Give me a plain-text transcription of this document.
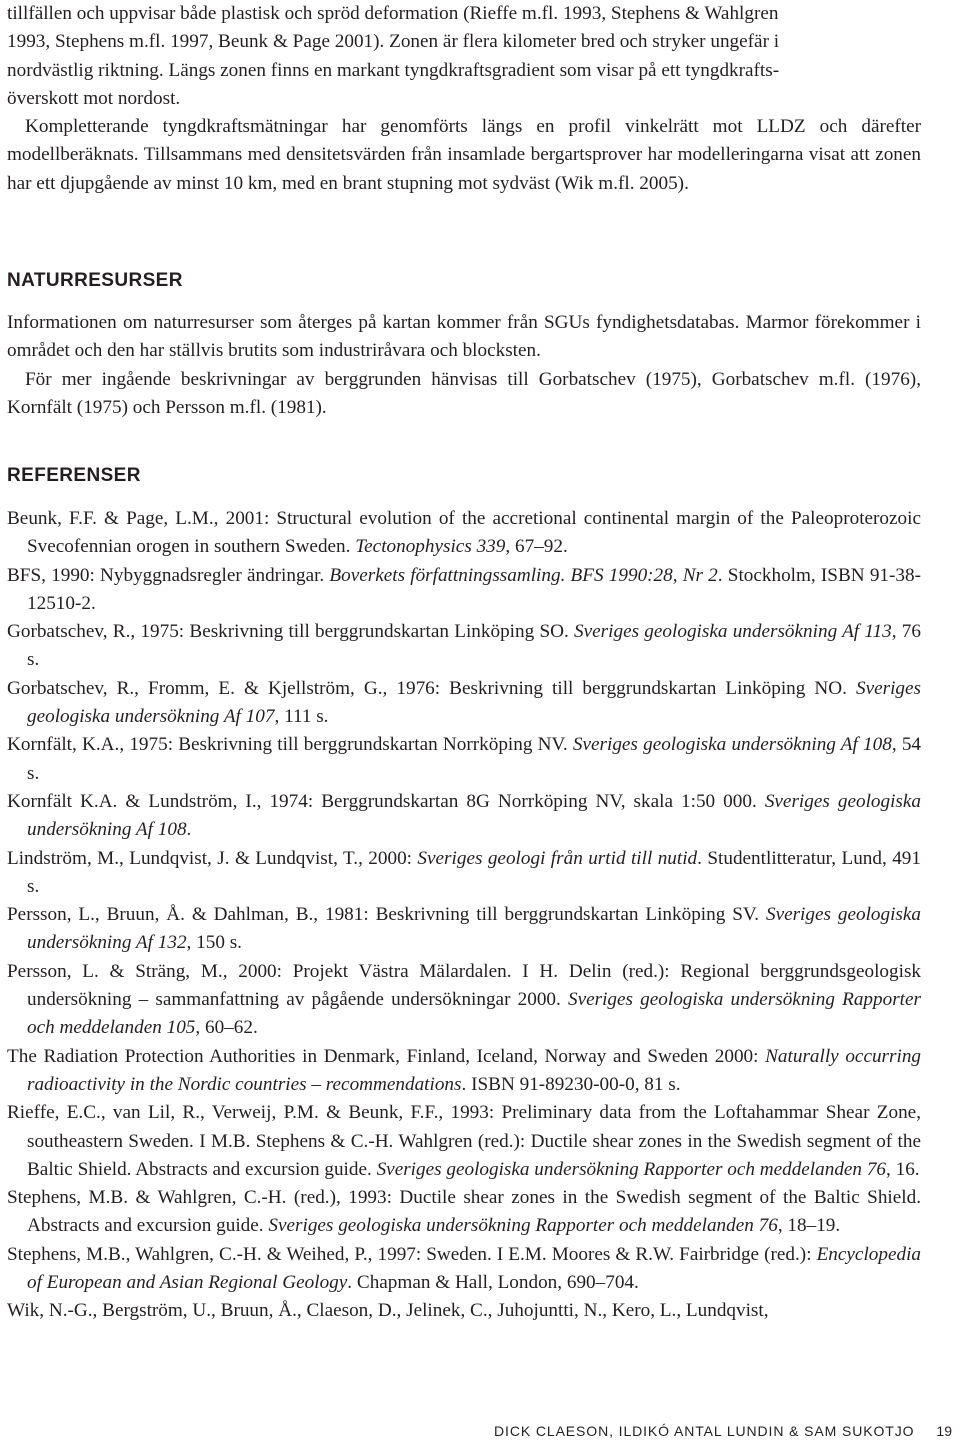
tillfällen och uppvisar både plastisk och spröd deformation (Rieffe m.fl. 1993, Stephens & Wahlgren

1993, Stephens m.fl. 1997, Beunk & Page 2001). Zonen är flera kilometer bred och stryker ungefär i

nordvästlig riktning. Längs zonen finns en markant tyngdkraftsgradient som visar på ett tyngdkrafts-

överskott mot nordost.

Kompletterande tyngdkraftsmätningar har genomförts längs en profil vinkelrätt mot LLDZ och därefter modellberäknats. Tillsammans med densitetsvärden från insamlade bergartsprover har modelleringarna visat att zonen har ett djupgående av minst 10 km, med en brant stupning mot sydväst (Wik m.fl. 2005).

NATURRESURSER

Informationen om naturresurser som återges på kartan kommer från SGUs fyndighetsdatabas. Marmor förekommer i området och den har ställvis brutits som industriråvara och blocksten.

För mer ingående beskrivningar av berggrunden hänvisas till Gorbatschev (1975), Gorbatschev m.fl. (1976), Kornfält (1975) och Persson m.fl. (1981).

REFERENSER

Beunk, F.F. & Page, L.M., 2001: Structural evolution of the accretional continental margin of the Paleoproterozoic Svecofennian orogen in southern Sweden. Tectonophysics 339, 67–92.

BFS, 1990: Nybyggnadsregler ändringar. Boverkets författningssamling. BFS 1990:28, Nr 2. Stockholm, ISBN 91-38-12510-2.

Gorbatschev, R., 1975: Beskrivning till berggrundskartan Linköping SO. Sveriges geologiska undersökning Af 113, 76 s.

Gorbatschev, R., Fromm, E. & Kjellström, G., 1976: Beskrivning till berggrundskartan Linköping NO. Sveriges geologiska undersökning Af 107, 111 s.

Kornfält, K.A., 1975: Beskrivning till berggrundskartan Norrköping NV. Sveriges geologiska undersökning Af 108, 54 s.

Kornfält K.A. & Lundström, I., 1974: Berggrundskartan 8G Norrköping NV, skala 1:50 000. Sveriges geologiska undersökning Af 108.

Lindström, M., Lundqvist, J. & Lundqvist, T., 2000: Sveriges geologi från urtid till nutid. Studentlitteratur, Lund, 491 s.

Persson, L., Bruun, Å. & Dahlman, B., 1981: Beskrivning till berggrundskartan Linköping SV. Sveriges geologiska undersökning Af 132, 150 s.

Persson, L. & Sträng, M., 2000: Projekt Västra Mälardalen. I H. Delin (red.): Regional berggrundsgeologisk undersökning – sammanfattning av pågående undersökningar 2000. Sveriges geologiska undersökning Rapporter och meddelanden 105, 60–62.

The Radiation Protection Authorities in Denmark, Finland, Iceland, Norway and Sweden 2000: Naturally occurring radioactivity in the Nordic countries – recommendations. ISBN 91-89230-00-0, 81 s.

Rieffe, E.C., van Lil, R., Verweij, P.M. & Beunk, F.F., 1993: Preliminary data from the Loftahammar Shear Zone, southeastern Sweden. I M.B. Stephens & C.-H. Wahlgren (red.): Ductile shear zones in the Swedish segment of the Baltic Shield. Abstracts and excursion guide. Sveriges geologiska undersökning Rapporter och meddelanden 76, 16.

Stephens, M.B. & Wahlgren, C.-H. (red.), 1993: Ductile shear zones in the Swedish segment of the Baltic Shield. Abstracts and excursion guide. Sveriges geologiska undersökning Rapporter och meddelanden 76, 18–19.

Stephens, M.B., Wahlgren, C.-H. & Weihed, P., 1997: Sweden. I E.M. Moores & R.W. Fairbridge (red.): Encyclopedia of European and Asian Regional Geology. Chapman & Hall, London, 690–704.

Wik, N.-G., Bergström, U., Bruun, Å., Claeson, D., Jelinek, C., Juhojuntti, N., Kero, L., Lundqvist,

DICK CLAESON, ILDIKÓ ANTAL LUNDIN & SAM SUKOTJO 19
